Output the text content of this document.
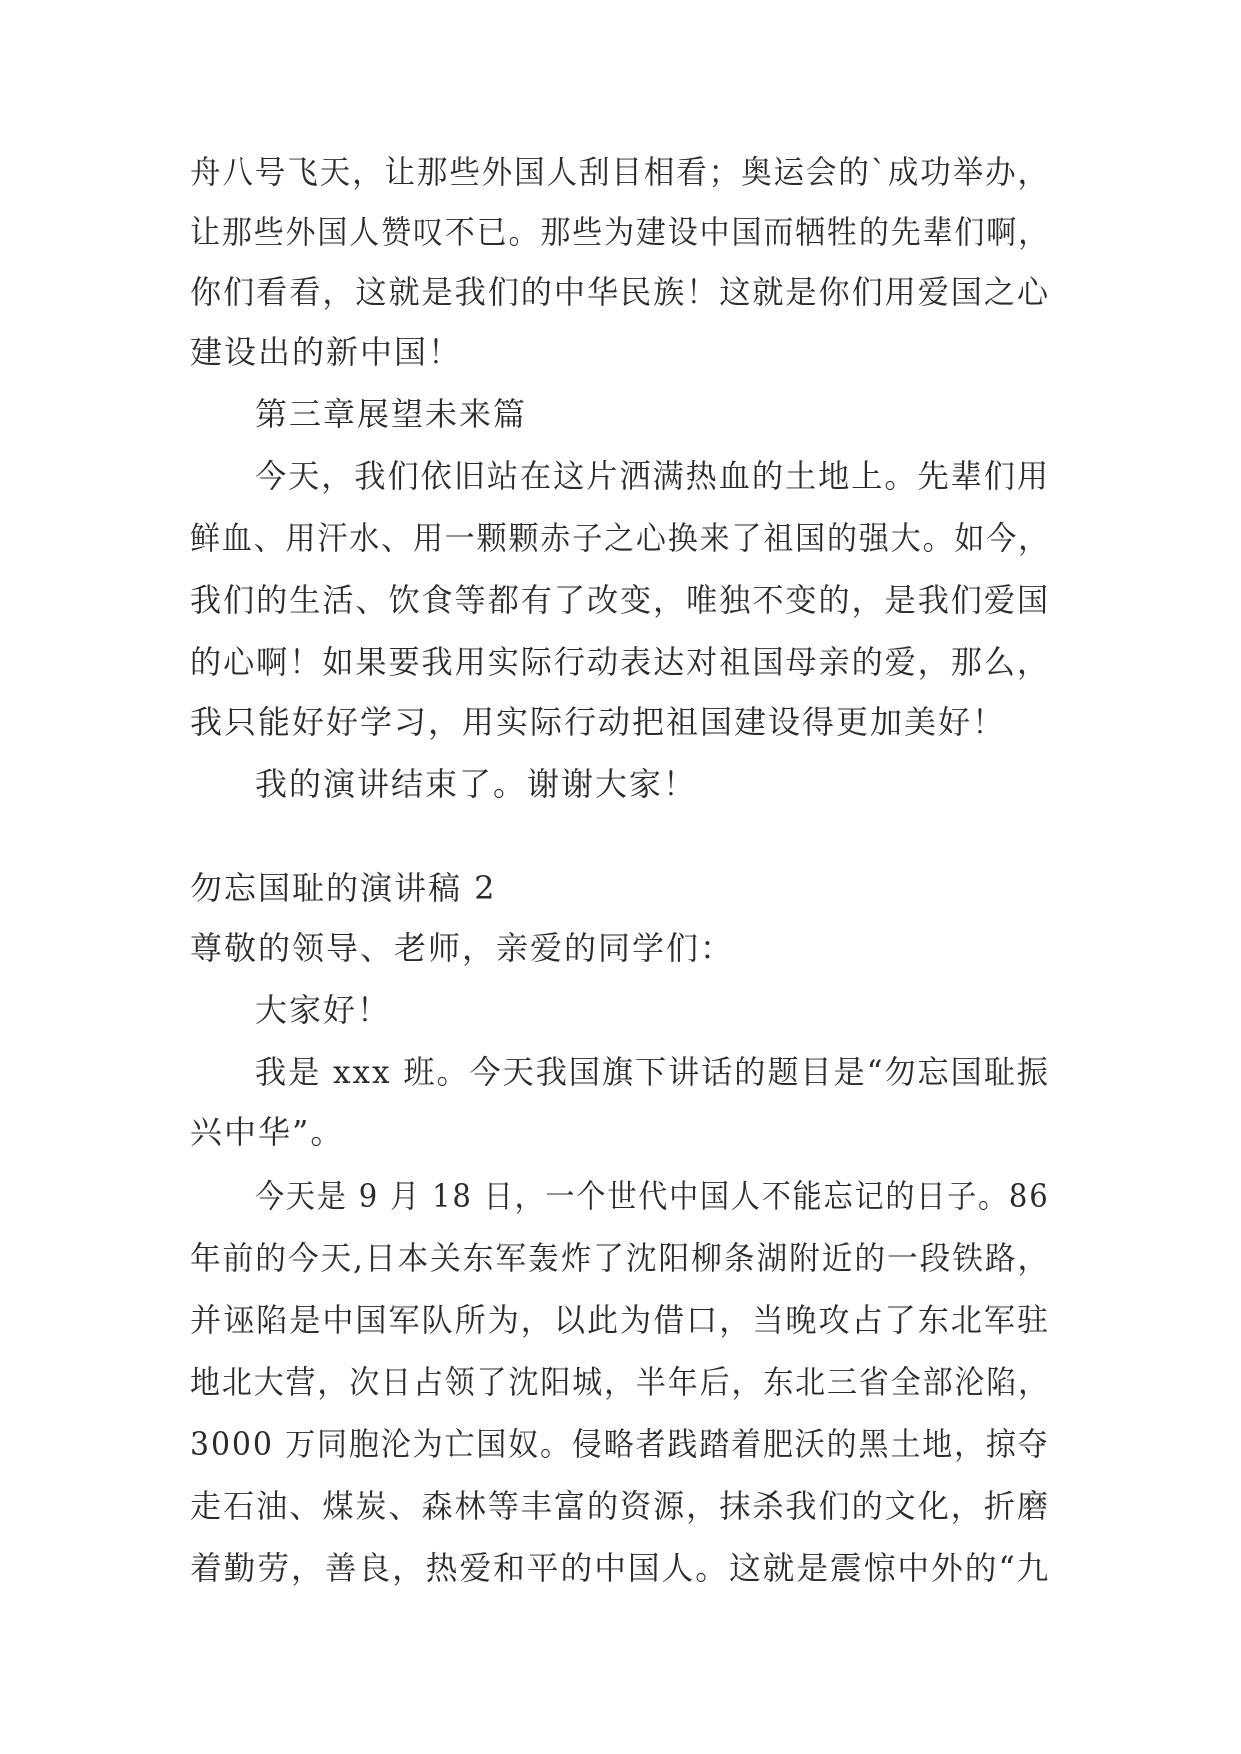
舟八号飞天，让那些外国人刮目相看；奥运会的`成功举办，
让那些外国人赞叹不已。那些为建设中国而牺牲的先辈们啊，
你们看看，这就是我们的中华民族！这就是你们用爱国之心
建设出的新中国！
第三章展望未来篇
今天，我们依旧站在这片洒满热血的土地上。先辈们用
鲜血、用汗水、用一颗颗赤子之心换来了祖国的强大。如今，
我们的生活、饮食等都有了改变，唯独不变的，是我们爱国
的心啊！如果要我用实际行动表达对祖国母亲的爱，那么，
我只能好好学习，用实际行动把祖国建设得更加美好！
我的演讲结束了。谢谢大家！
勿忘国耻的演讲稿 2
尊敬的领导、老师，亲爱的同学们：
大家好！
我是 xxx 班。今天我国旗下讲话的题目是“勿忘国耻振
兴中华”。
今天是 9 月 18 日，一个世代中国人不能忘记的日子。86
年前的今天,日本关东军轰炸了沈阳柳条湖附近的一段铁路，
并诬陷是中国军队所为，以此为借口，当晚攻占了东北军驻
地北大营，次日占领了沈阳城，半年后，东北三省全部沦陷，
3000 万同胞沦为亡国奴。侵略者践踏着肥沃的黑土地，掠夺
走石油、煤炭、森林等丰富的资源，抹杀我们的文化，折磨
着勤劳，善良，热爱和平的中国人。这就是震惊中外的“九
